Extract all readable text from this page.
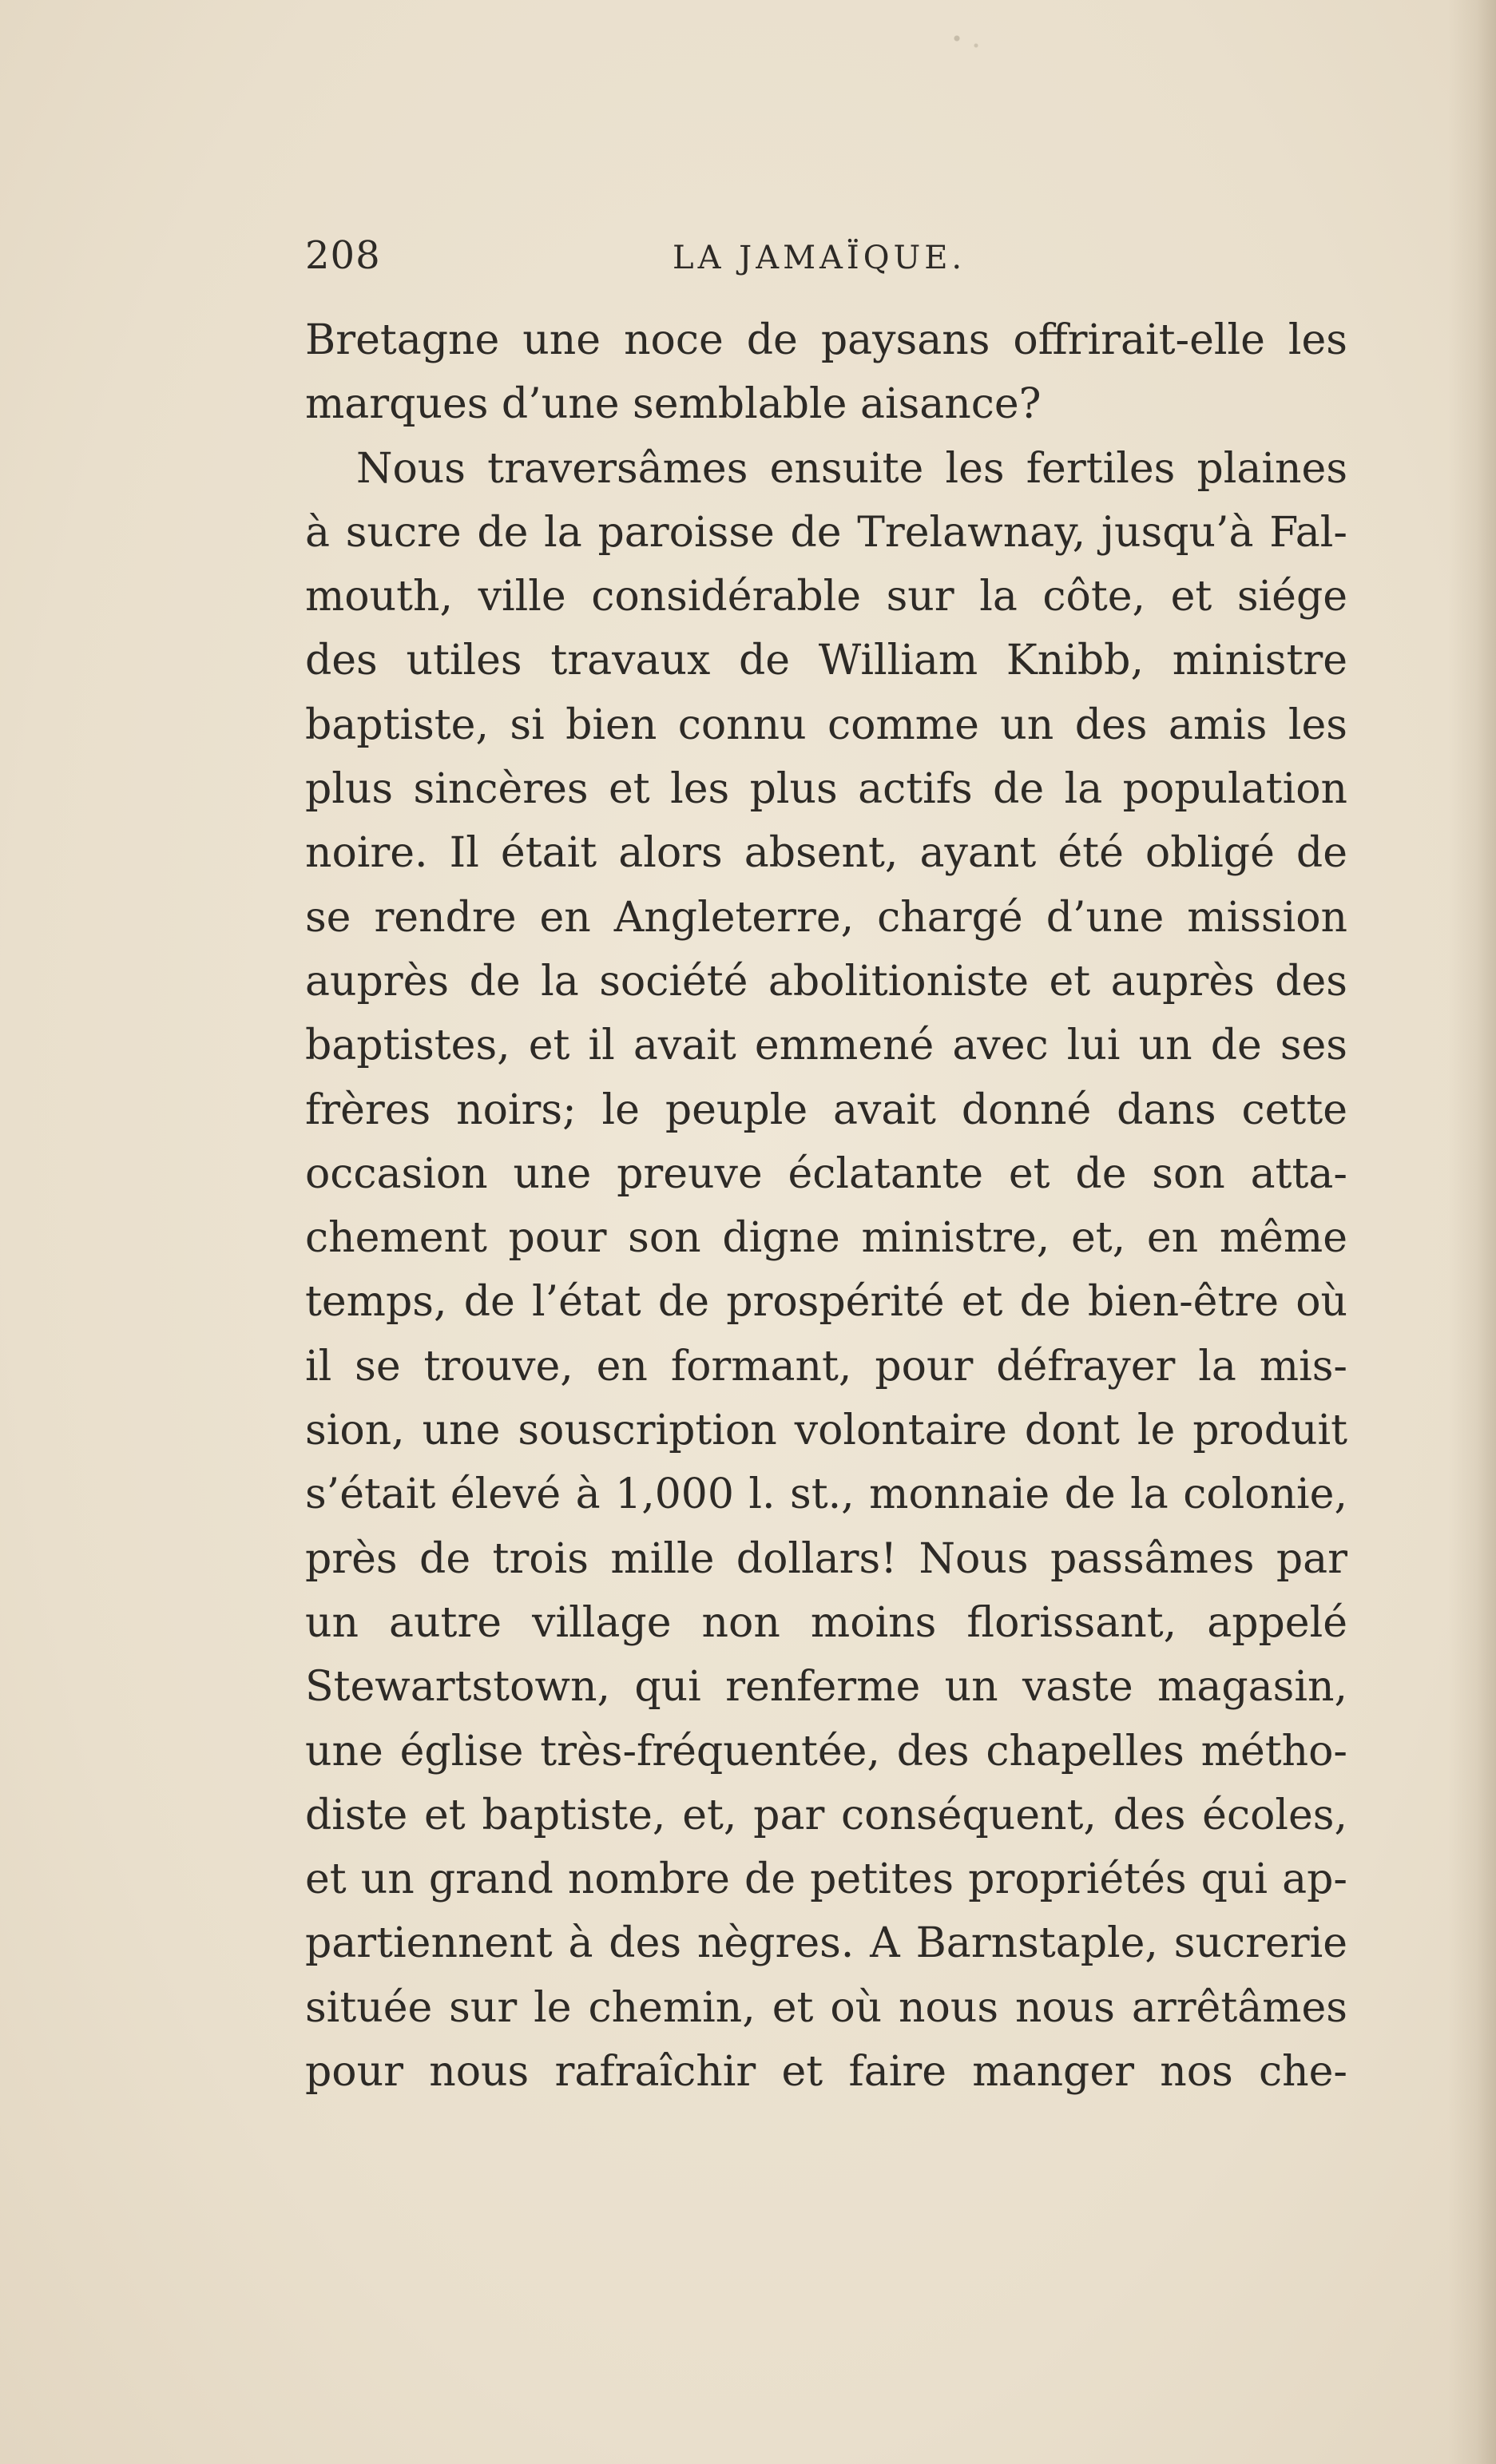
208	LA JAMAÏQUE.
Bretagne une noce de paysans offrirait-elle les
marques d’une semblable aisance?
Nous traversâmes ensuite les fertiles plaines
à sucre de la paroisse de Trelawnay, jusqu’à Fal-
mouth, ville considérable sur la côte, et siége
des utiles travaux de William Knibb, ministre
baptiste, si bien connu comme un des amis les
plus sincères et les plus actifs de la population
noire. Il était alors absent, ayant été obligé de
se rendre en Angleterre, chargé d’une mission
auprès de la société abolitioniste et auprès des
baptistes, et il avait emmené avec lui un de ses
frères noirs; le peuple avait donné dans cette
occasion une preuve éclatante et de son atta-
chement pour son digne ministre, et, en même
temps, de l’état de prospérité et de bien-être où
il se trouve, en formant, pour défrayer la mis-
sion, une souscription volontaire dont le produit
s’était élevé à 1,000 l. st., monnaie de la colonie,
près de trois mille dollars! Nous passâmes par
un autre village non moins florissant, appelé
Stewartstown, qui renferme un vaste magasin,
une église très-fréquentée, des chapelles métho-
diste et baptiste, et, par conséquent, des écoles,
et un grand nombre de petites propriétés qui ap-
partiennent à des nègres. A Barnstaple, sucrerie
située sur le chemin, et où nous nous arrêtâmes
pour nous rafraîchir et faire manger nos che-
